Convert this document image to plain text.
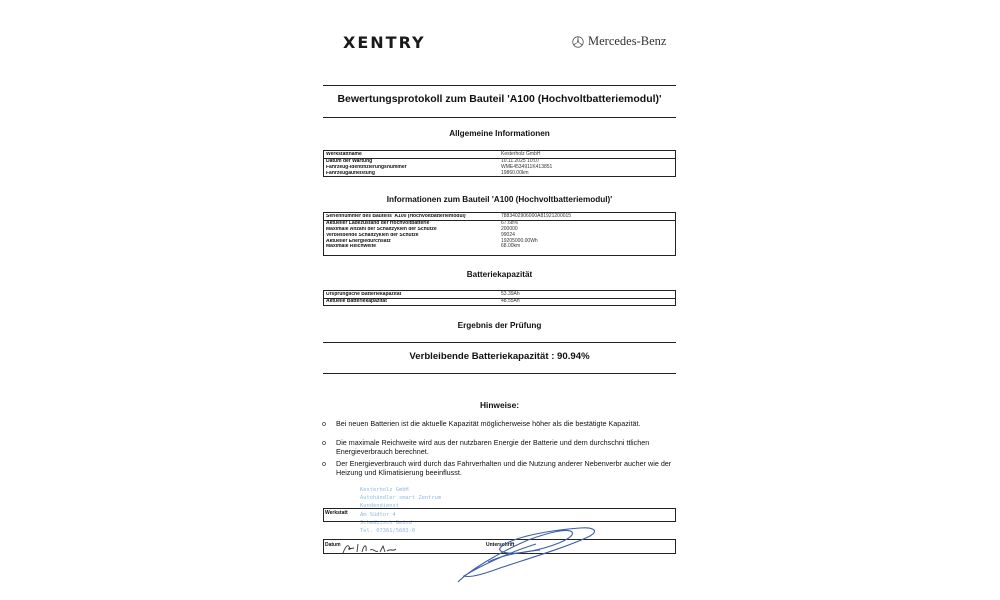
XENTRY	Mercedes-Benz
Bewertungsprotokoll zum Bauteil 'A100 (Hochvoltbatteriemodul)'
Allgemeine Informationen
Werkstattname	Kesterholz GmbH
Datum der Wartung	10.11.2025 10:07
Fahrzeug-Identifizierungsnummer	WME4534911K413851
Fahrzeugaufleistung	19860.00km
Informationen zum Bauteil 'A100 (Hochvoltbatteriemodul)'
Seriennummer des Bauteils 'A100 (Hochvoltbatteriemodul)'	7883402906000A81921200015
Aktueller Ladezustand der Hochvoltbatterie	67.68%
Maximale Anzahl der Schaltzyklen der Schütze	200000
Verbleibende Schaltzyklen der Schütze	99024
Aktueller Energiedurchsatz	19205000.00Wh
Maximale Reichweite	68.00km
Batteriekapazität
Ursprüngliche Batteriekapazität	53.39Ah
Aktuelle Batteriekapazität	48.55Ah
Ergebnis der Prüfung
Verbleibende Batteriekapazität : 90.94%
Hinweise:
o	Bei neuen Batterien ist die aktuelle Kapazität möglicherweise höher als die bestätigte Kapazität.
o	Die maximale Reichweite wird aus der nutzbaren Energie der Batterie und dem durchschni ttlichen Energieverbrauch berechnet.
o	Der Energieverbrauch wird durch das Fahrverhalten und die Nutzung anderer Nebenverbr aucher wie der Heizung und Klimatisierung beeinflusst.
Kesterholz GmbH
Autohändler smart Zentrum
Kundendienst
Am Südtor 4
Schwäbisch Gmünd
Tel. 07361/5603-0
Werkstatt
Datum	Unterschrift
